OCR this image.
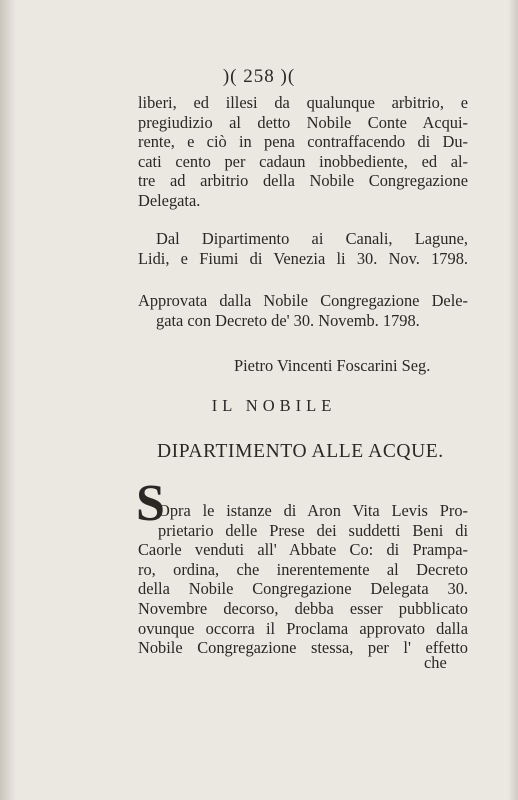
)( 258 )(
liberi, ed illesi da qualunque arbitrio, e
pregiudizio al detto Nobile Conte Acqui-
rente, e ciò in pena contraffacendo di Du-
cati cento per cadaun inobbediente, ed al-
tre ad arbitrio della Nobile Congregazione
Delegata.
Dal Dipartimento ai Canali, Lagune,
Lidi, e Fiumi di Venezia li 30. Nov. 1798.
Approvata dalla Nobile Congregazione Dele-
gata con Decreto de' 30. Novemb. 1798.
Pietro Vincenti Foscarini Seg.
IL NOBILE
DIPARTIMENTO ALLE ACQUE.
S
Opra le istanze di Aron Vita Levis Pro-
prietario delle Prese dei suddetti Beni di
Caorle venduti all' Abbate Co: di Prampa-
ro, ordina, che inerentemente al Decreto
della Nobile Congregazione Delegata 30.
Novembre decorso, debba esser pubblicato
ovunque occorra il Proclama approvato dalla
Nobile Congregazione stessa, per l' effetto
che
